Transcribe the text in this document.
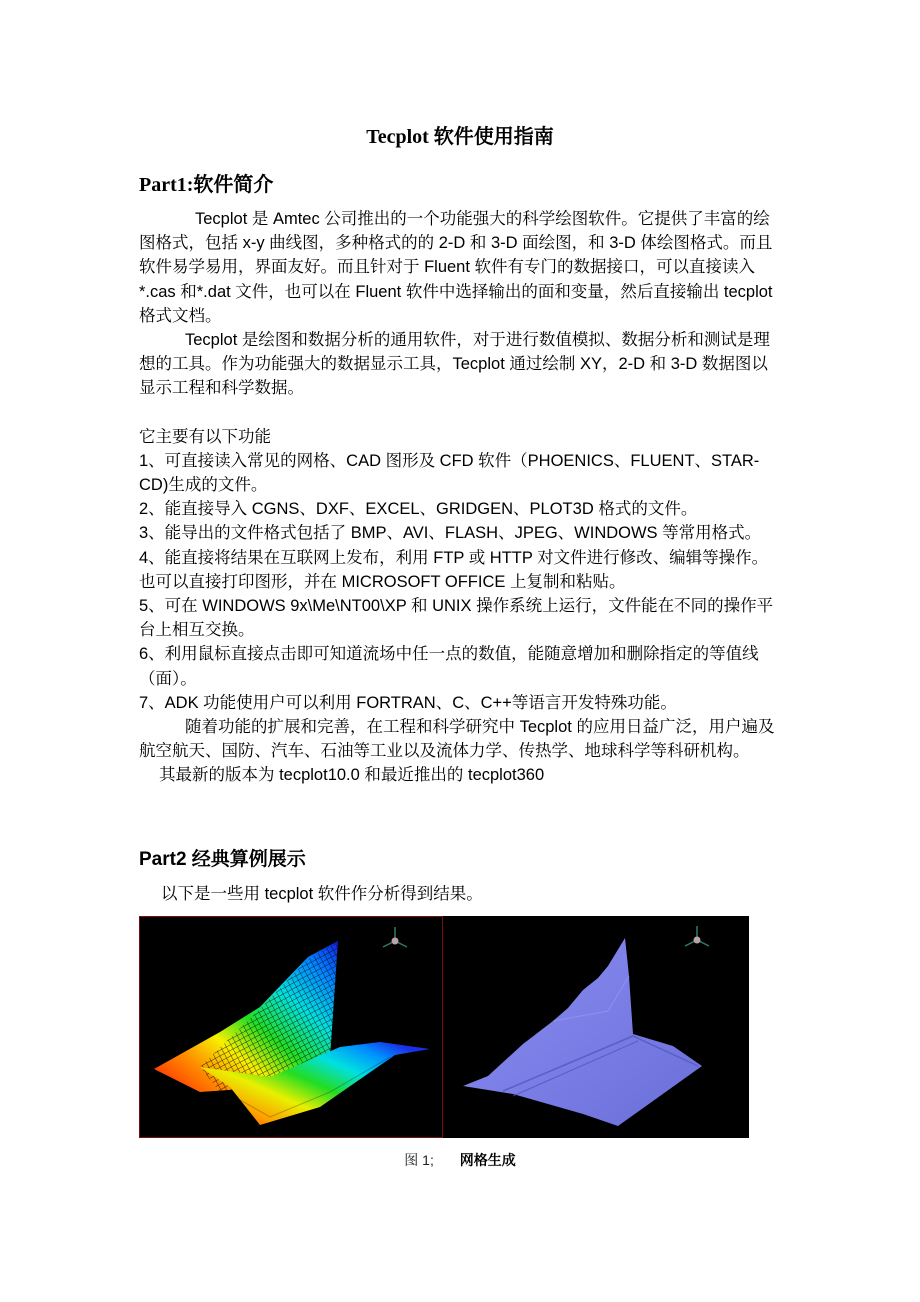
Tecplot 软件使用指南
Part1:软件简介

Tecplot 是 Amtec 公司推出的一个功能强大的科学绘图软件。它提供了丰富的绘图格式，包括 x-y 曲线图，多种格式的的 2-D 和 3-D 面绘图，和 3-D 体绘图格式。而且软件易学易用，界面友好。而且针对于 Fluent 软件有专门的数据接口，可以直接读入*.cas 和*.dat 文件，也可以在 Fluent 软件中选择输出的面和变量，然后直接输出 tecplot 格式文档。

Tecplot 是绘图和数据分析的通用软件，对于进行数值模拟、数据分析和测试是理想的工具。作为功能强大的数据显示工具，Tecplot 通过绘制 XY，2-D 和 3-D 数据图以显示工程和科学数据。

它主要有以下功能

1、可直接读入常见的网格、CAD 图形及 CFD 软件（PHOENICS、FLUENT、STAR-CD)生成的文件。

2、能直接导入 CGNS、DXF、EXCEL、GRIDGEN、PLOT3D 格式的文件。

3、能导出的文件格式包括了 BMP、AVI、FLASH、JPEG、WINDOWS 等常用格式。

4、能直接将结果在互联网上发布，利用 FTP 或 HTTP 对文件进行修改、编辑等操作。也可以直接打印图形，并在 MICROSOFT OFFICE 上复制和粘贴。

5、可在 WINDOWS 9x\Me\NT00\XP 和 UNIX 操作系统上运行，文件能在不同的操作平台上相互交换。

6、利用鼠标直接点击即可知道流场中任一点的数值，能随意增加和删除指定的等值线（面）。

7、ADK 功能使用户可以利用 FORTRAN、C、C++等语言开发特殊功能。

随着功能的扩展和完善，在工程和科学研究中 Tecplot 的应用日益广泛，用户遍及航空航天、国防、汽车、石油等工业以及流体力学、传热学、地球科学等科研机构。

其最新的版本为 tecplot10.0 和最近推出的 tecplot360

Part2 经典算例展示
以下是一些用 tecplot 软件作分析得到结果。
图 1; 网格生成
